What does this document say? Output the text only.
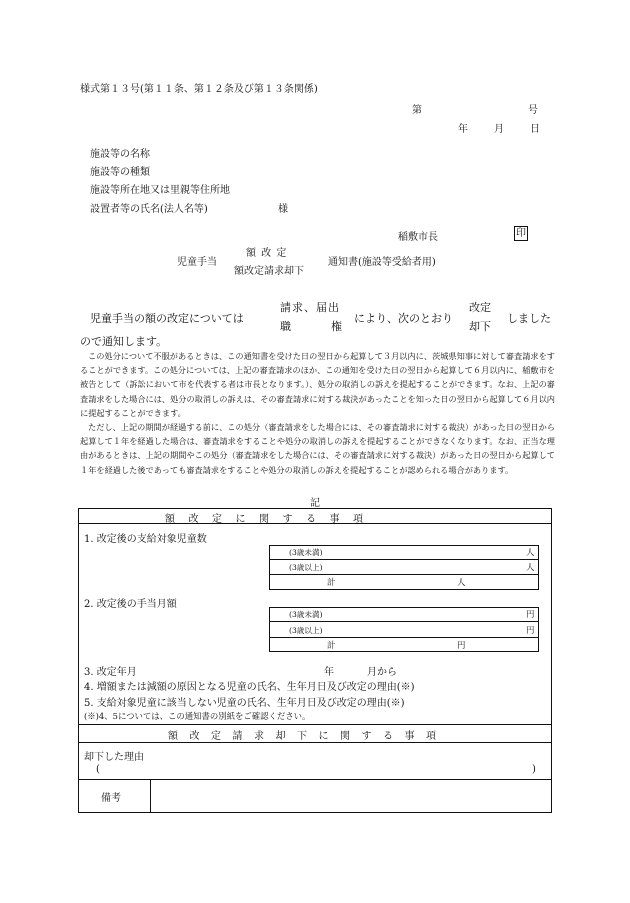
様式第１３号(第１１条、第１２条及び第１３条関係)
第	号
年	月	日
施設等の名称
施設等の種類
施設等所在地又は里親等住所地
設置者等の氏名(法人名等)	様
稲敷市長	印
児童手当
額 改 定
額改定請求却下
通知書(施設等受給者用)
児童手当の額の改定については
請求、届出
職	権
により、次のとおり
改定
却下
しました
ので通知します。
この処分について不服があるときは、この通知書を受けた日の翌日から起算して３月以内に、茨城県知事に対して審査請求をすることができます。この処分については、上記の審査請求のほか、この通知を受けた日の翌日から起算して６月以内に、稲敷市を被告として（訴訟において市を代表する者は市長となります。）、処分の取消しの訴えを提起することができます。なお、上記の審査請求をした場合には、処分の取消しの訴えは、その審査請求に対する裁決があったことを知った日の翌日から起算して６月以内に提起することができます。
ただし、上記の期間が経過する前に、この処分（審査請求をした場合には、その審査請求に対する裁決）があった日の翌日から起算して１年を経過した場合は、審査請求をすることや処分の取消しの訴えを提起することができなくなります。なお、正当な理由があるときは、上記の期間やこの処分（審査請求をした場合には、その審査請求に対する裁決）があった日の翌日から起算して１年を経過した後であっても審査請求をすることや処分の取消しの訴えを提起することが認められる場合があります。
記
額改定に関する事項
1. 改定後の支給対象児童数
(3歳未満)	人
(3歳以上)	人
計	人
2. 改定後の手当月額
(3歳未満)	円
(3歳以上)	円
計	円
3. 改定年月	年	月から
4. 増額または減額の原因となる児童の氏名、生年月日及び改定の理由(※)
5. 支給対象児童に該当しない児童の氏名、生年月日及び改定の理由(※)
(※)4、5については、この通知書の別紙をご確認ください。
額改定請求却下に関する事項
却下した理由
(	)
備考
